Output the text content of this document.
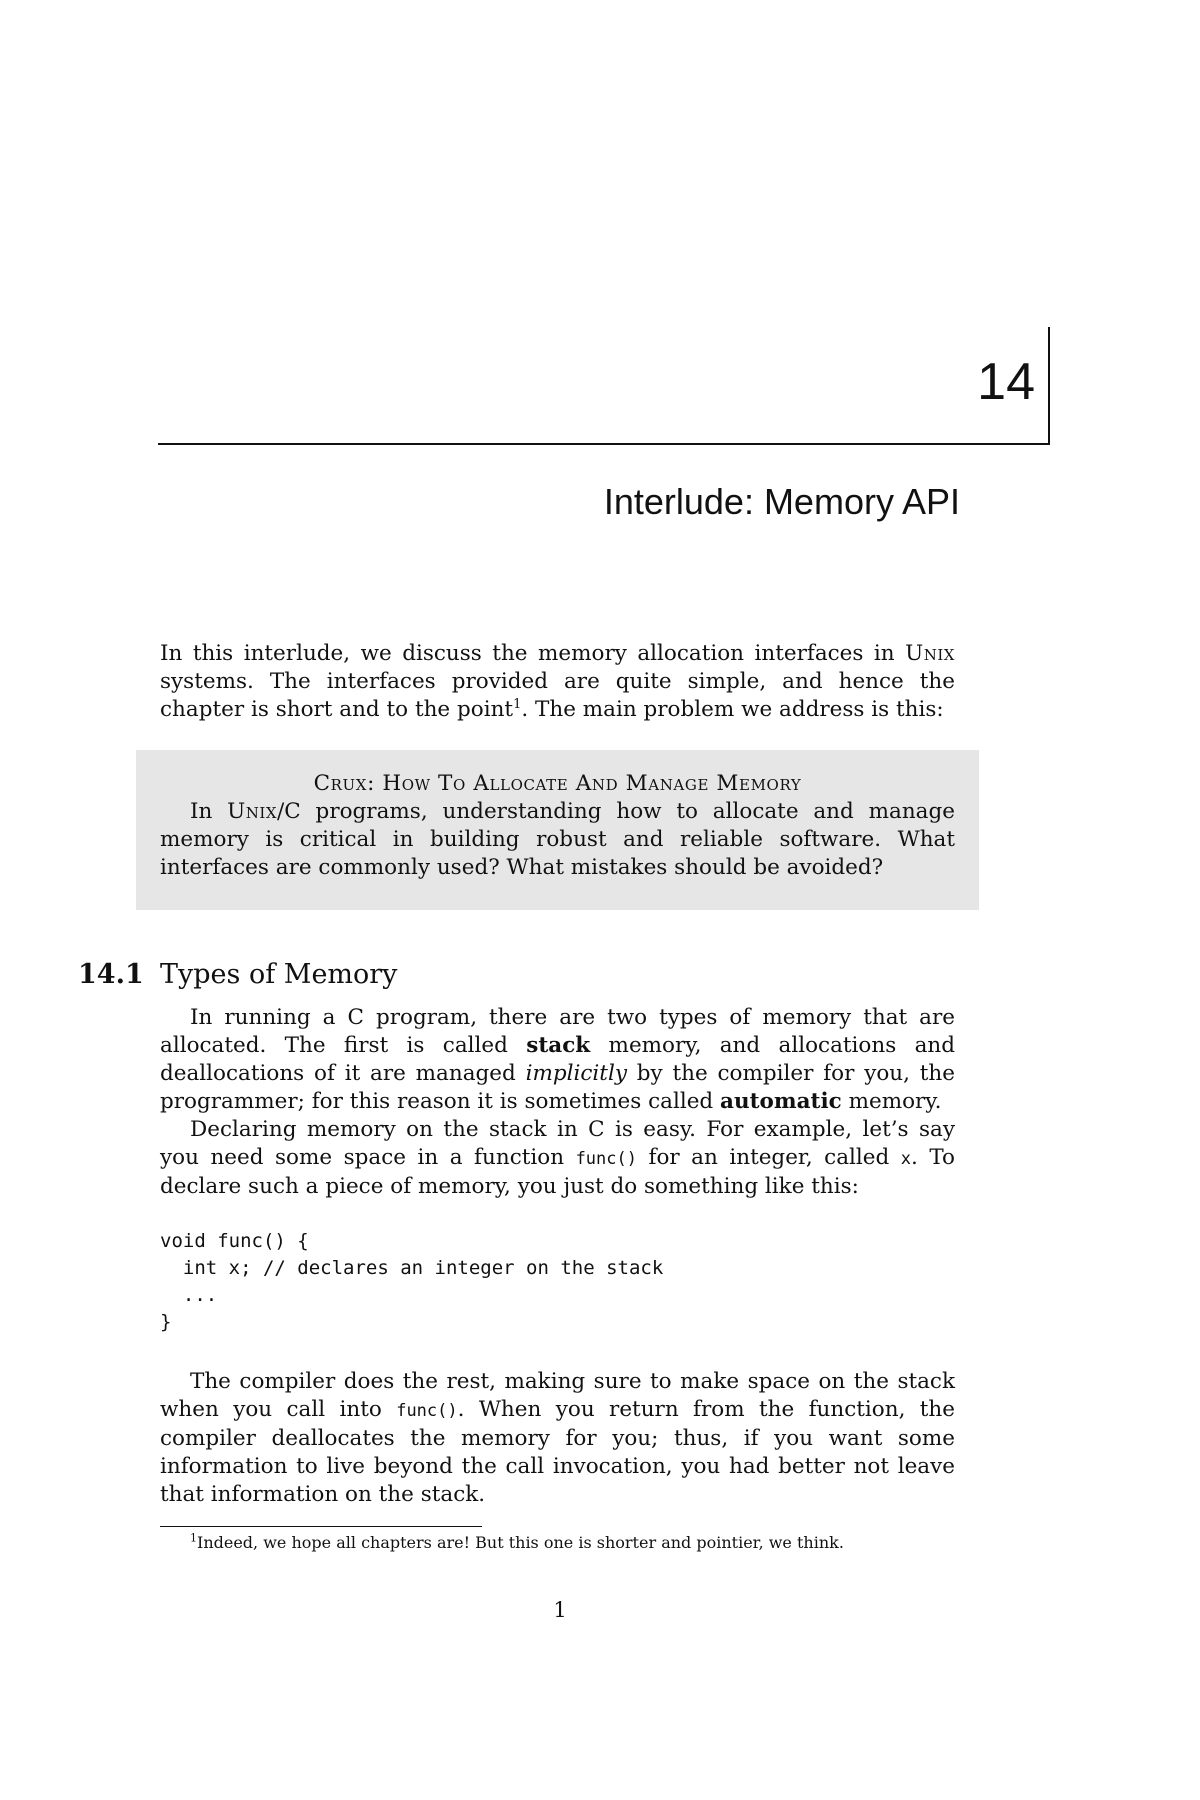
14
Interlude: Memory API
In this interlude, we discuss the memory allocation interfaces in Unix systems. The interfaces provided are quite simple, and hence the chapter is short and to the point$^1$. The main problem we address is this:
Crux: How To Allocate And Manage Memory
In Unix/C programs, understanding how to allocate and manage memory is critical in building robust and reliable software. What interfaces are commonly used? What mistakes should be avoided?
14.1 Types of Memory
In running a C program, there are two types of memory that are allocated. The first is called stack memory, and allocations and deallocations of it are managed implicitly by the compiler for you, the programmer; for this reason it is sometimes called automatic memory.
Declaring memory on the stack in C is easy. For example, let’s say you need some space in a function func() for an integer, called x. To declare such a piece of memory, you just do something like this:
void func() {
int x; // declares an integer on the stack
...
}
The compiler does the rest, making sure to make space on the stack when you call into func(). When you return from the function, the compiler deallocates the memory for you; thus, if you want some information to live beyond the call invocation, you had better not leave that information on the stack.
$^1$Indeed, we hope all chapters are! But this one is shorter and pointier, we think.
1
